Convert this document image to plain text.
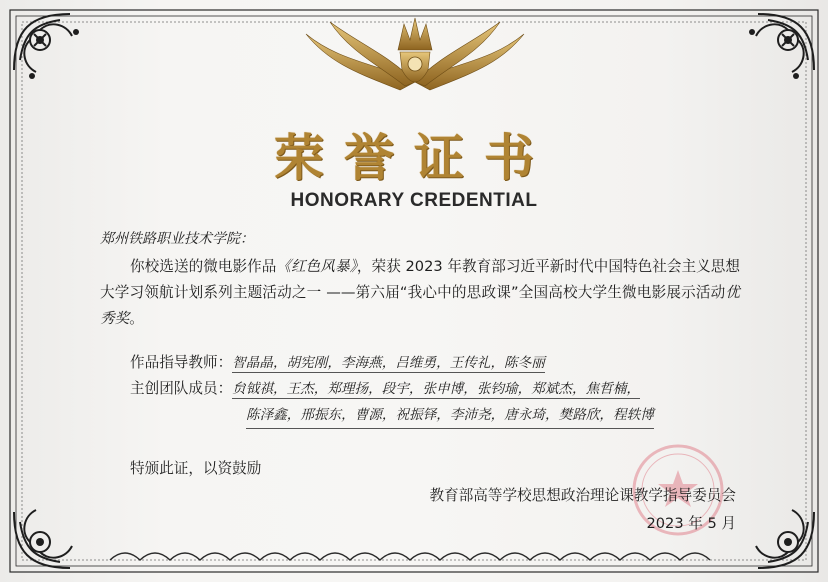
荣誉证书
HONORARY CREDENTIAL
郑州铁路职业技术学院：
你校选送的微电影作品《红色风暴》，荣获 2023 年教育部习近平新时代中国特色社会主义思想大学习领航计划系列主题活动之一 ——第六届“我心中的思政课”全国高校大学生微电影展示活动优秀奖。
作品指导教师：智晶晶，胡宪刚，李海燕，吕维勇，王传礼，陈冬丽
主创团队成员：贠钺祺，王杰，郑理扬，段宇，张申博，张钧瑜，郑斌杰，焦哲楠，
陈泽鑫，邢振东，曹源，祝振铎，李沛尧，唐永琦，樊路欣，程轶博
特颁此证，以资鼓励
教育部高等学校思想政治理论课教学指导委员会
2023 年 5 月
